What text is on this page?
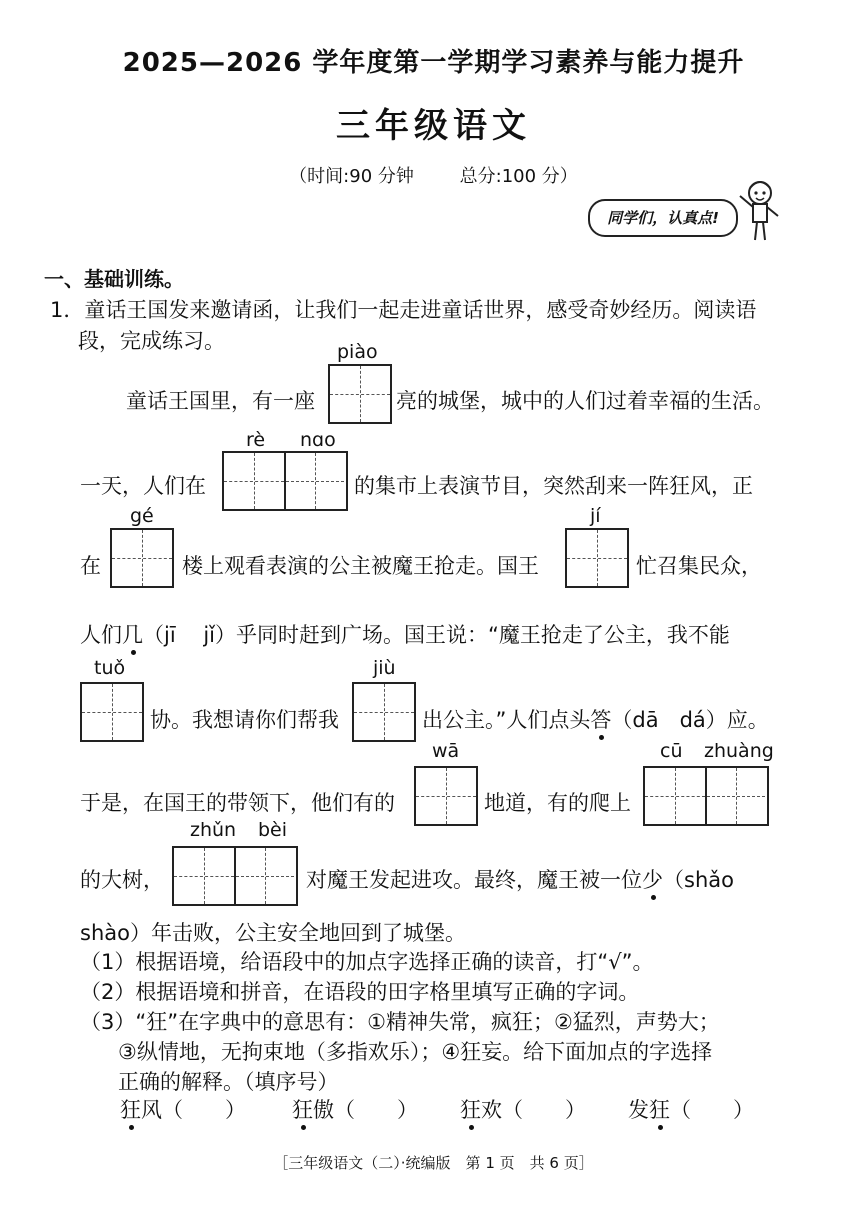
2025—2026 学年度第一学期学习素养与能力提升
三年级语文
（时间:90 分钟	总分:100 分）
同学们，认真点!
一、基础训练。
1．童话王国发来邀请函，让我们一起走进童话世界，感受奇妙经历。阅读语
段，完成练习。	piào
童话王国里，有一座	亮的城堡，城中的人们过着幸福的生活。
rè nɑo
一天，人们在	的集市上表演节目，突然刮来一阵狂风，正
gé	jí
在	楼上观看表演的公主被魔王抢走。国王	忙召集民众，
人们几（jī　 jǐ）乎同时赶到广场。国王说：“魔王抢走了公主，我不能
tuǒ	jiù
协。我想请你们帮我	出公主。”人们点头答（dā　dá）应。
wā	cū zhuàng
于是，在国王的带领下，他们有的	地道，有的爬上
zhǔn bèi
的大树，	对魔王发起进攻。最终，魔王被一位少（shǎo
shào）年击败，公主安全地回到了城堡。
（1）根据语境，给语段中的加点字选择正确的读音，打“√”。
（2）根据语境和拼音，在语段的田字格里填写正确的字词。
（3）“狂”在字典中的意思有：①精神失常，疯狂；②猛烈，声势大；
③纵情地，无拘束地（多指欢乐）；④狂妄。给下面加点的字选择
正确的解释。（填序号）
狂风（　　） 狂傲（　　） 狂欢（　　） 发狂（　　）
［三年级语文（二）·统编版　第 1 页　共 6 页］
